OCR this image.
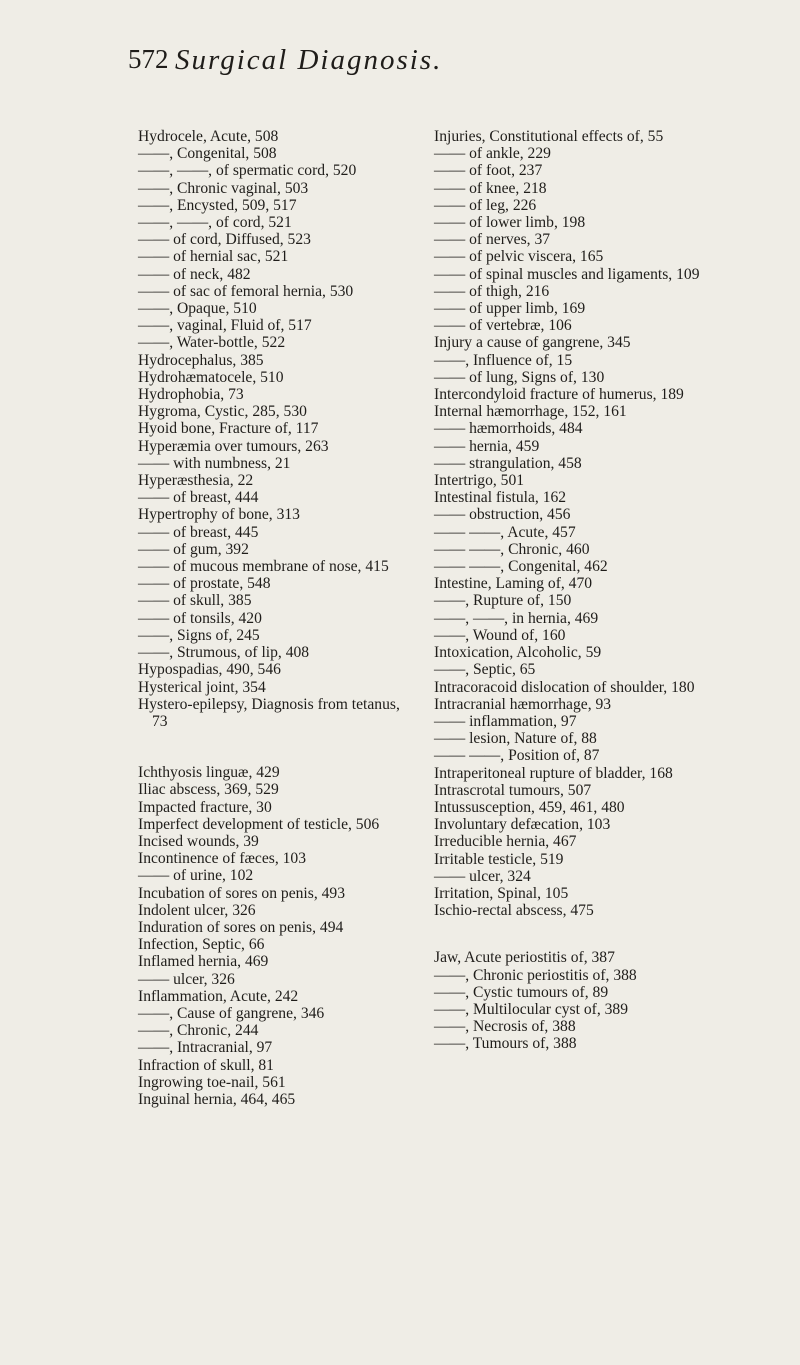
572 Surgical Diagnosis.
Hydrocele, Acute, 508
——, Congenital, 508
——, ——, of spermatic cord, 520
——, Chronic vaginal, 503
——, Encysted, 509, 517
——, ——, of cord, 521
—— of cord, Diffused, 523
—— of hernial sac, 521
—— of neck, 482
—— of sac of femoral hernia, 530
——, Opaque, 510
——, vaginal, Fluid of, 517
——, Water-bottle, 522
Hydrocephalus, 385
Hydrohæmatocele, 510
Hydrophobia, 73
Hygroma, Cystic, 285, 530
Hyoid bone, Fracture of, 117
Hyperæmia over tumours, 263
—— with numbness, 21
Hyperæsthesia, 22
—— of breast, 444
Hypertrophy of bone, 313
—— of breast, 445
—— of gum, 392
—— of mucous membrane of nose, 415
—— of prostate, 548
—— of skull, 385
—— of tonsils, 420
——, Signs of, 245
——, Strumous, of lip, 408
Hypospadias, 490, 546
Hysterical joint, 354
Hystero-epilepsy, Diagnosis from tetanus, 73
Ichthyosis linguæ, 429
Iliac abscess, 369, 529
Impacted fracture, 30
Imperfect development of testicle, 506
Incised wounds, 39
Incontinence of fæces, 103
—— of urine, 102
Incubation of sores on penis, 493
Indolent ulcer, 326
Induration of sores on penis, 494
Infection, Septic, 66
Inflamed hernia, 469
—— ulcer, 326
Inflammation, Acute, 242
——, Cause of gangrene, 346
——, Chronic, 244
——, Intracranial, 97
Infraction of skull, 81
Ingrowing toe-nail, 561
Inguinal hernia, 464, 465
Injuries, Constitutional effects of, 55
—— of ankle, 229
—— of foot, 237
—— of knee, 218
—— of leg, 226
—— of lower limb, 198
—— of nerves, 37
—— of pelvic viscera, 165
—— of spinal muscles and ligaments, 109
—— of thigh, 216
—— of upper limb, 169
—— of vertebræ, 106
Injury a cause of gangrene, 345
——, Influence of, 15
—— of lung, Signs of, 130
Intercondyloid fracture of humerus, 189
Internal hæmorrhage, 152, 161
—— hæmorrhoids, 484
—— hernia, 459
—— strangulation, 458
Intertrigo, 501
Intestinal fistula, 162
—— obstruction, 456
—— ——, Acute, 457
—— ——, Chronic, 460
—— ——, Congenital, 462
Intestine, Laming of, 470
——, Rupture of, 150
——, ——, in hernia, 469
——, Wound of, 160
Intoxication, Alcoholic, 59
——, Septic, 65
Intracoracoid dislocation of shoulder, 180
Intracranial hæmorrhage, 93
—— inflammation, 97
—— lesion, Nature of, 88
—— ——, Position of, 87
Intraperitoneal rupture of bladder, 168
Intrascrotal tumours, 507
Intussusception, 459, 461, 480
Involuntary defæcation, 103
Irreducible hernia, 467
Irritable testicle, 519
—— ulcer, 324
Irritation, Spinal, 105
Ischio-rectal abscess, 475
Jaw, Acute periostitis of, 387
——, Chronic periostitis of, 388
——, Cystic tumours of, 89
——, Multilocular cyst of, 389
——, Necrosis of, 388
——, Tumours of, 388
